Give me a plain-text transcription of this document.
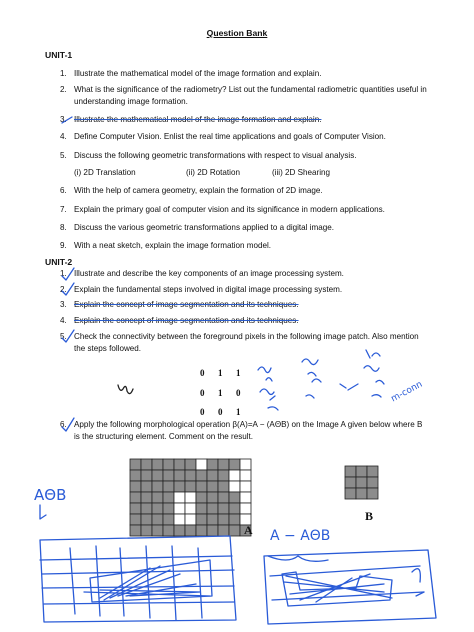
Question Bank
UNIT-1
1. Illustrate the mathematical model of the image formation and explain.
2. What is the significance of the radiometry? List out the fundamental radiometric quantities useful in understanding image formation.
3. Illustrate the mathematical model of the image formation and explain.
4. Define Computer Vision. Enlist the real time applications and goals of Computer Vision.
5. Discuss the following geometric transformations with respect to visual analysis.
(i) 2D Translation	(ii) 2D Rotation	(iii) 2D Shearing
6. With the help of camera geometry, explain the formation of 2D image.
7. Explain the primary goal of computer vision and its significance in modern applications.
8. Discuss the various geometric transformations applied to a digital image.
9. With a neat sketch, explain the image formation model.
UNIT-2
1. Illustrate and describe the key components of an image processing system.
2. Explain the fundamental steps involved in digital image processing system.
3. Explain the concept of image segmentation and its techniques.
4. Explain the concept of image segmentation and its techniques.
5. Check the connectivity between the foreground pixels in the following image patch. Also mention the steps followed.
0 1 1
0 1 0
0 0 1
6. Apply the following morphological operation β(A)=A − (AΘB) on the Image A given below where B is the structuring element. Comment on the result.
A
B
AΘB
A − AΘB
m-conn
